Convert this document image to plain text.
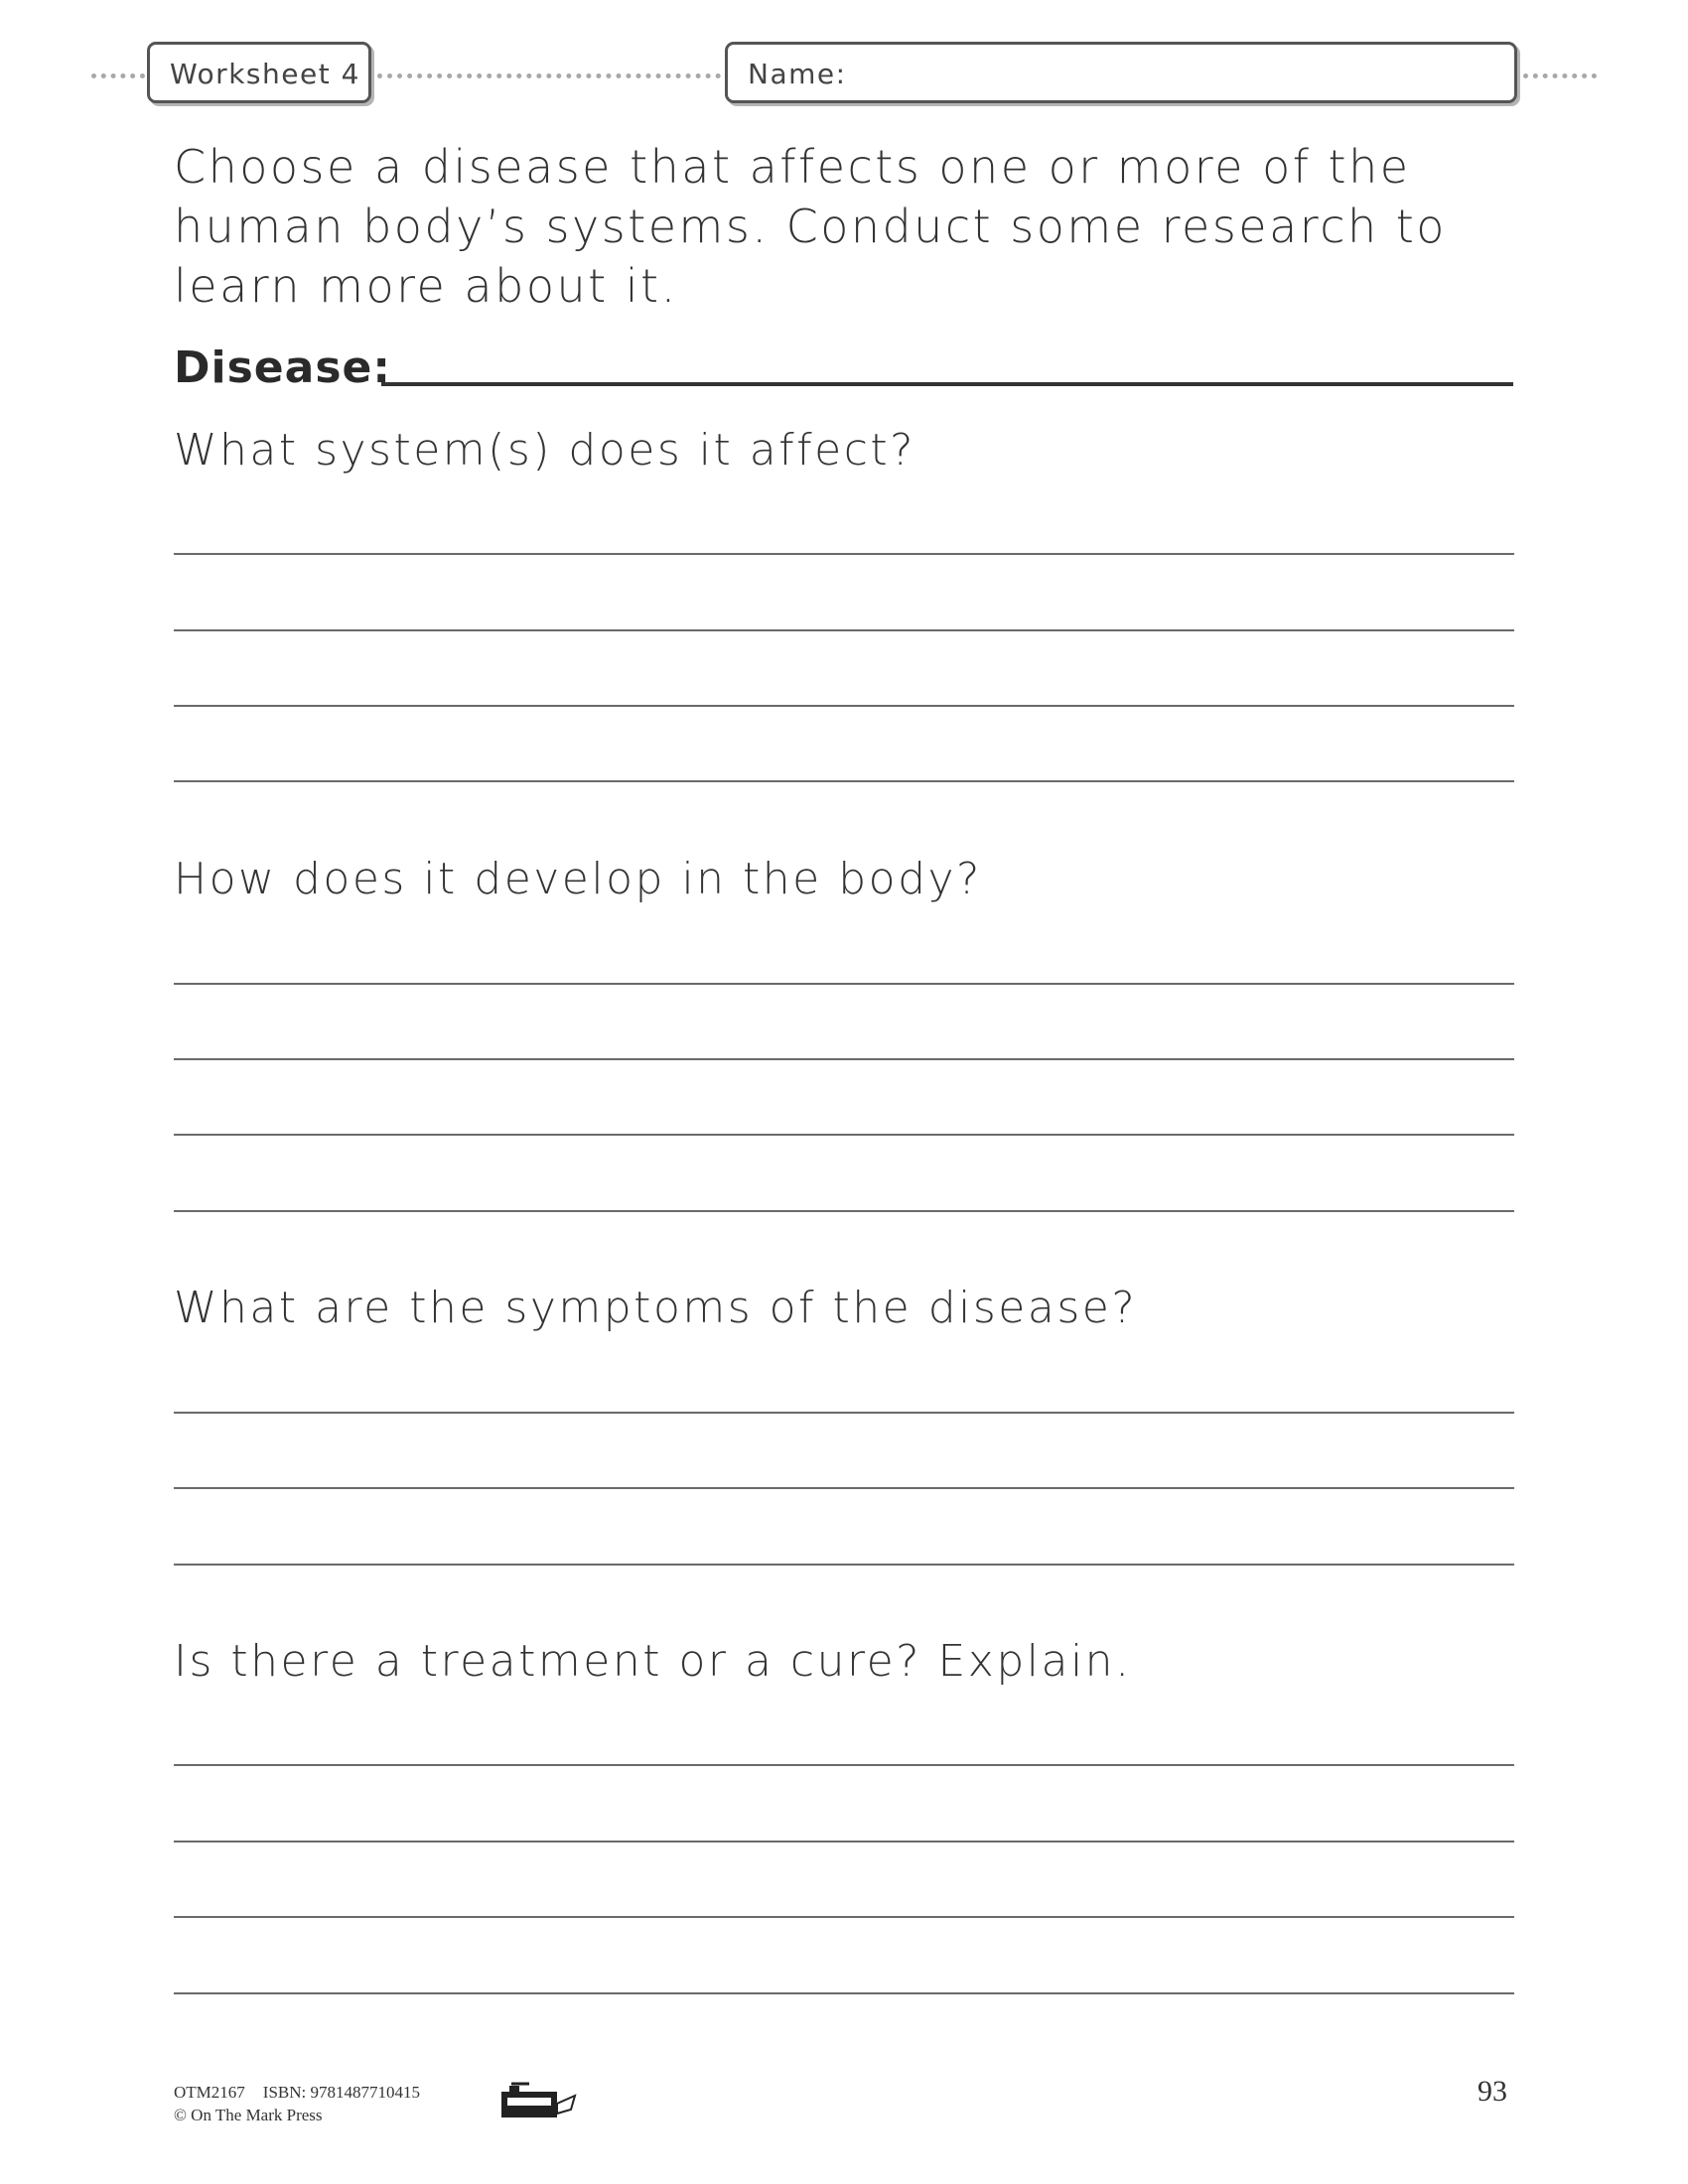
Worksheet 4	Name:

Choose a disease that affects one or more of the human body’s systems. Conduct some research to learn more about it.

Disease:

What system(s) does it affect?

How does it develop in the body?

What are the symptoms of the disease?

Is there a treatment or a cure? Explain.

OTM2167 ISBN: 9781487710415
© On The Mark Press
93
